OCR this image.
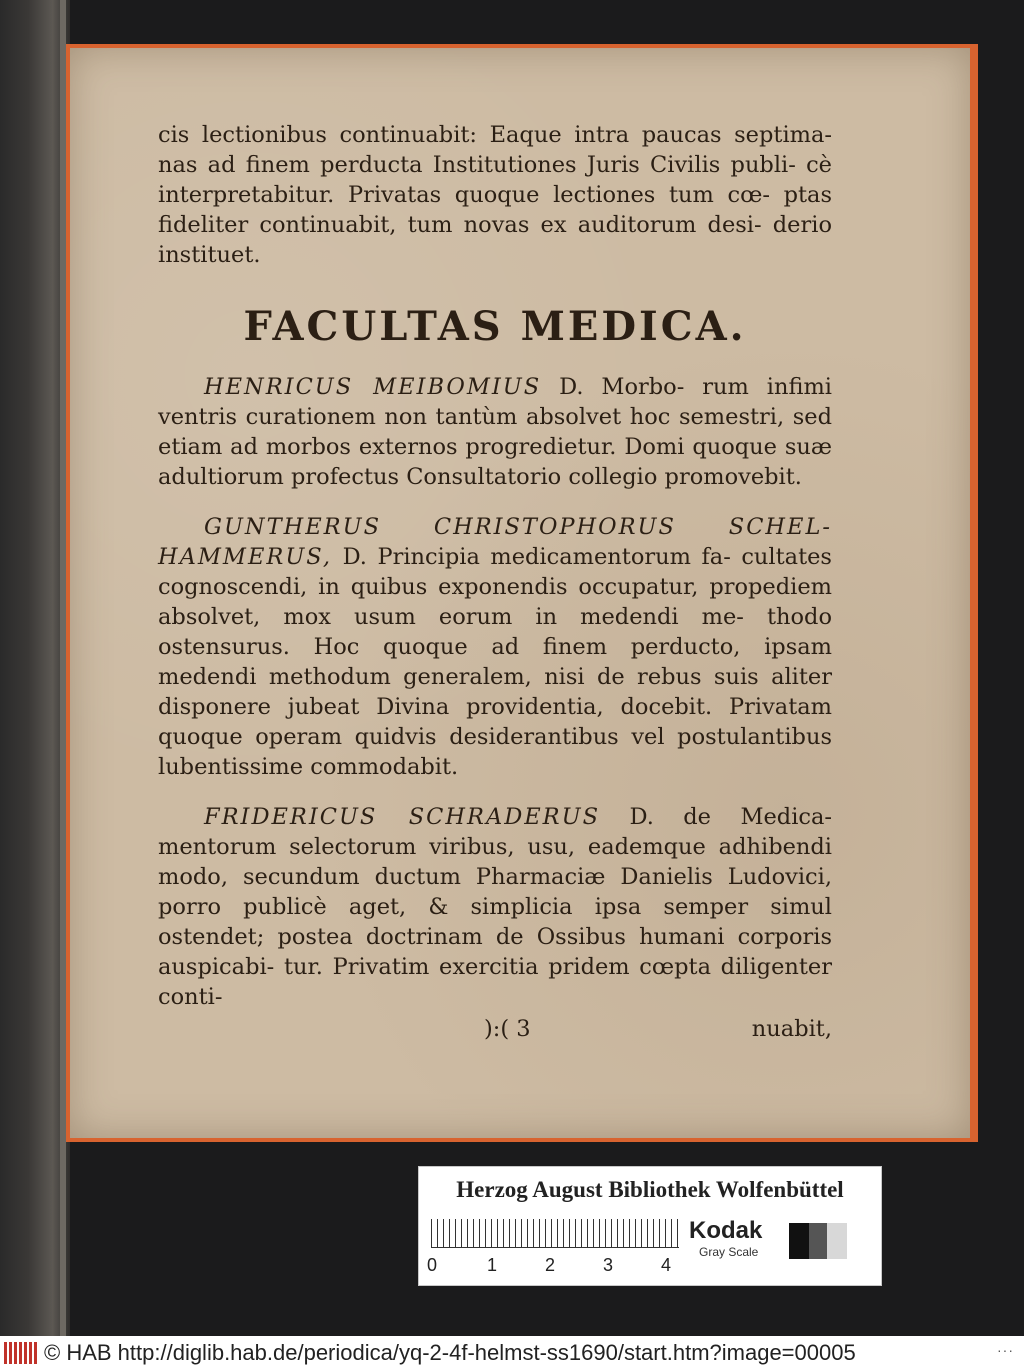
cis lectionibus continuabit: Eaque intra paucas septima- nas ad finem perducta Institutiones Juris Civilis publi- cè interpretabitur. Privatas quoque lectiones tum cœ- ptas fideliter continuabit, tum novas ex auditorum desi- derio instituet.

FACULTAS MEDICA.

HENRICUS MEIBOMIUS D. Morbo- rum infimi ventris curationem non tantùm absolvet hoc semestri, sed etiam ad morbos externos progredietur. Domi quoque suæ adultiorum profectus Consultatorio collegio promovebit.

GUNTHERUS CHRISTOPHORUS SCHEL- HAMMERUS, D. Principia medicamentorum fa- cultates cognoscendi, in quibus exponendis occupatur, propediem absolvet, mox usum eorum in medendi me- thodo ostensurus. Hoc quoque ad finem perducto, ipsam medendi methodum generalem, nisi de rebus suis aliter disponere jubeat Divina providentia, docebit. Privatam quoque operam quidvis desiderantibus vel postulantibus lubentissime commodabit.

FRIDERICUS SCHRADERUS D. de Medica- mentorum selectorum viribus, usu, eademque adhibendi modo, secundum ductum Pharmaciæ Danielis Ludovici, porro publicè aget, & simplicia ipsa semper simul ostendet; postea doctrinam de Ossibus humani corporis auspicabi- tur. Privatim exercitia pridem cœpta diligenter conti-

):( 3	nuabit,
Herzog August Bibliothek Wolfenbüttel
0	1	2	3	4
Kodak
Gray Scale
© HAB http://diglib.hab.de/periodica/yq-2-4f-helmst-ss1690/start.htm?image=00005	···
